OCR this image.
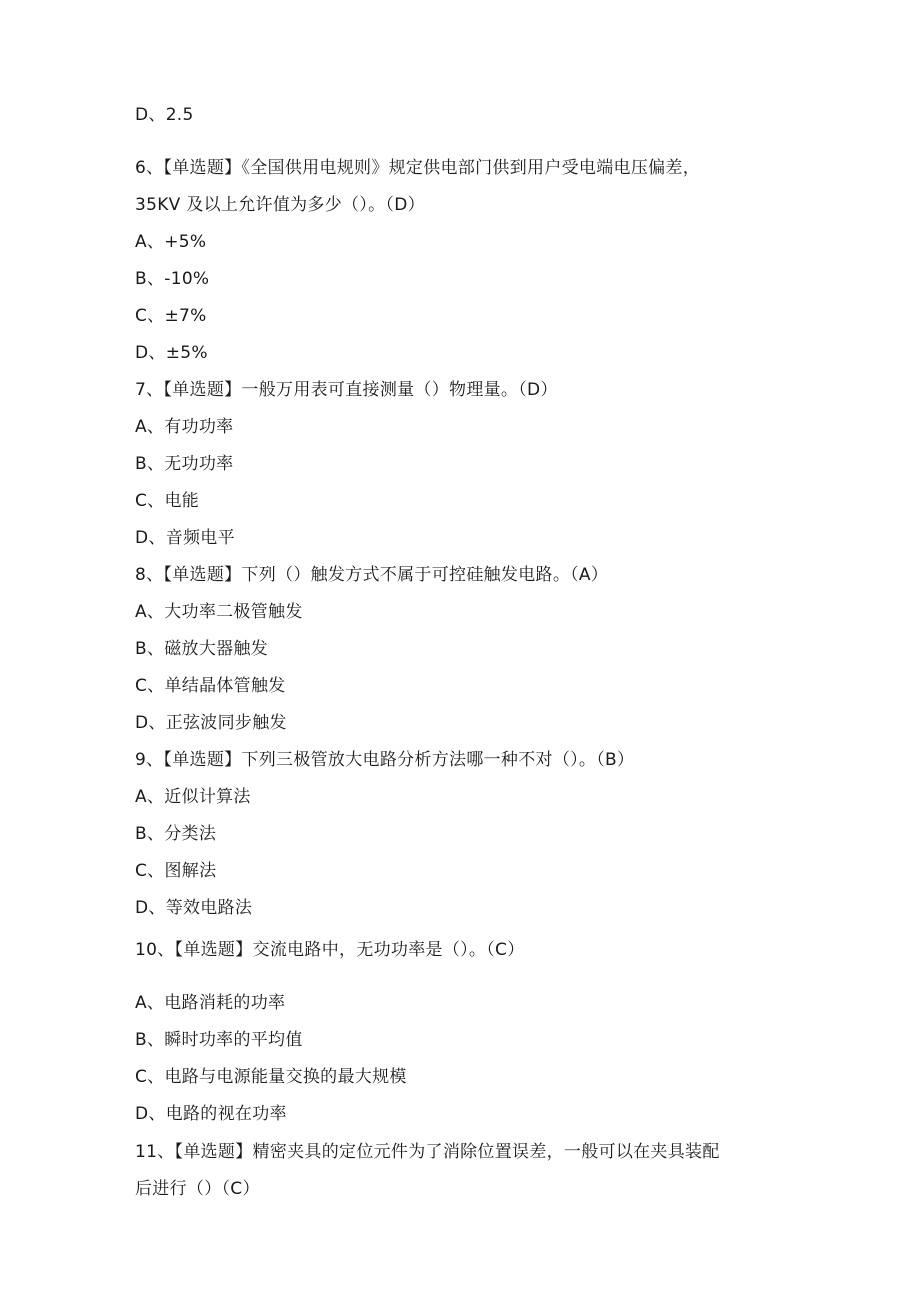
D、2.5
6、【单选题】《全国供用电规则》规定供电部门供到用户受电端电压偏差，
35KV 及以上允许值为多少（）。（D）
A、+5%
B、-10%
C、±7%
D、±5%
7、【单选题】一般万用表可直接测量（）物理量。（D）
A、有功功率
B、无功功率
C、电能
D、音频电平
8、【单选题】下列（）触发方式不属于可控硅触发电路。（A）
A、大功率二极管触发
B、磁放大器触发
C、单结晶体管触发
D、正弦波同步触发
9、【单选题】下列三极管放大电路分析方法哪一种不对（）。（B）
A、近似计算法
B、分类法
C、图解法
D、等效电路法
10、【单选题】交流电路中，无功功率是（）。（C）
A、电路消耗的功率
B、瞬时功率的平均值
C、电路与电源能量交换的最大规模
D、电路的视在功率
11、【单选题】精密夹具的定位元件为了消除位置误差，一般可以在夹具装配
后进行（）（C）
